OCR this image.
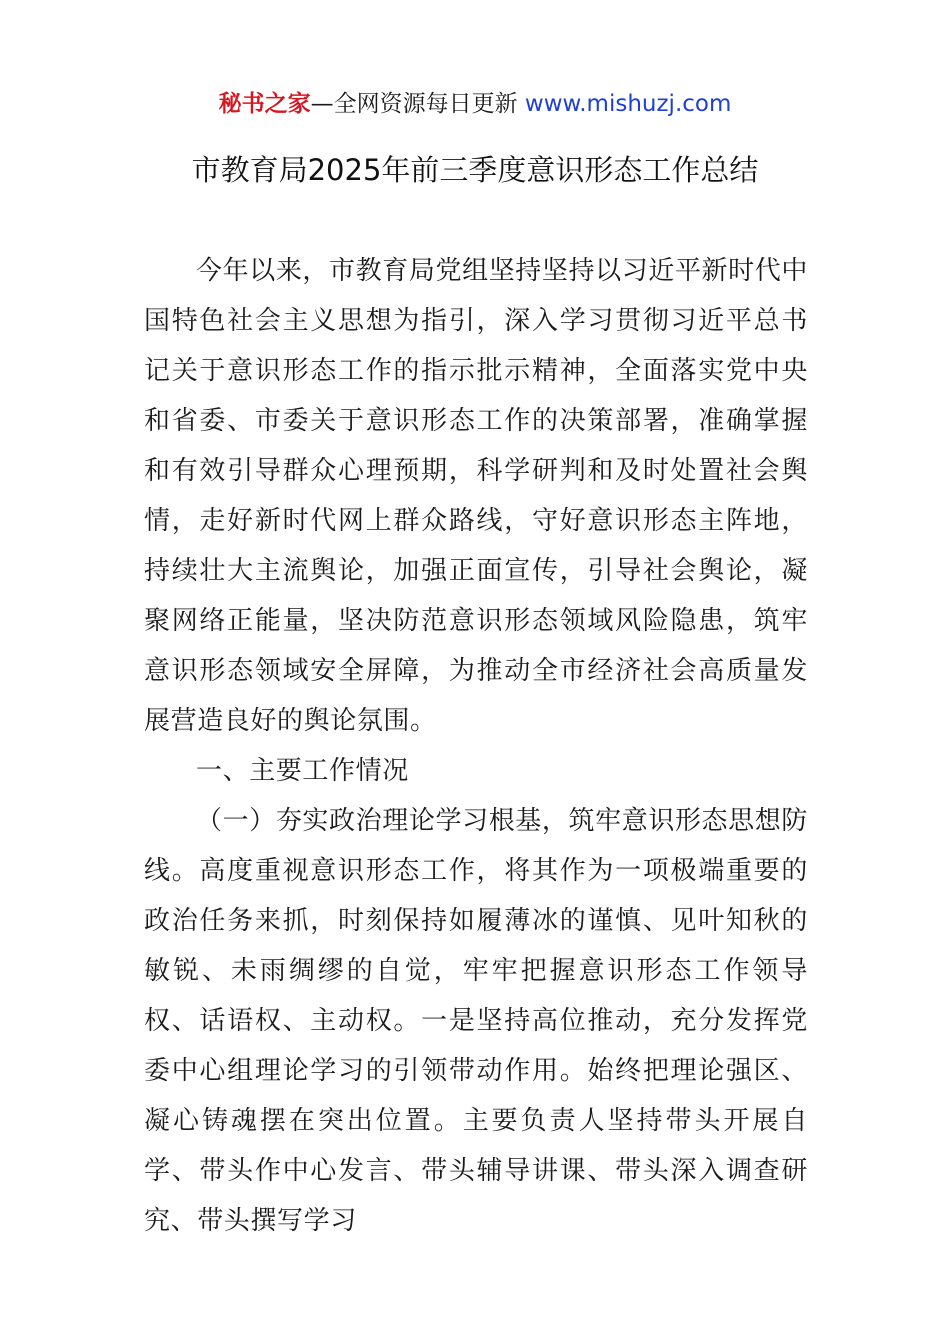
秘书之家—全网资源每日更新 www.mishuzj.com
市教育局2025年前三季度意识形态工作总结

今年以来，市教育局党组坚持坚持以习近平新时代中国特色社会主义思想为指引，深入学习贯彻习近平总书记关于意识形态工作的指示批示精神，全面落实党中央和省委、市委关于意识形态工作的决策部署，准确掌握和有效引导群众心理预期，科学研判和及时处置社会舆情，走好新时代网上群众路线，守好意识形态主阵地，持续壮大主流舆论，加强正面宣传，引导社会舆论，凝聚网络正能量，坚决防范意识形态领域风险隐患，筑牢意识形态领域安全屏障，为推动全市经济社会高质量发展营造良好的舆论氛围。

一、主要工作情况

（一）夯实政治理论学习根基，筑牢意识形态思想防线。高度重视意识形态工作，将其作为一项极端重要的政治任务来抓，时刻保持如履薄冰的谨慎、见叶知秋的敏锐、未雨绸缪的自觉，牢牢把握意识形态工作领导权、话语权、主动权。一是坚持高位推动，充分发挥党委中心组理论学习的引领带动作用。始终把理论强区、凝心铸魂摆在突出位置。主要负责人坚持带头开展自学、带头作中心发言、带头辅导讲课、带头深入调查研究、带头撰写学习
